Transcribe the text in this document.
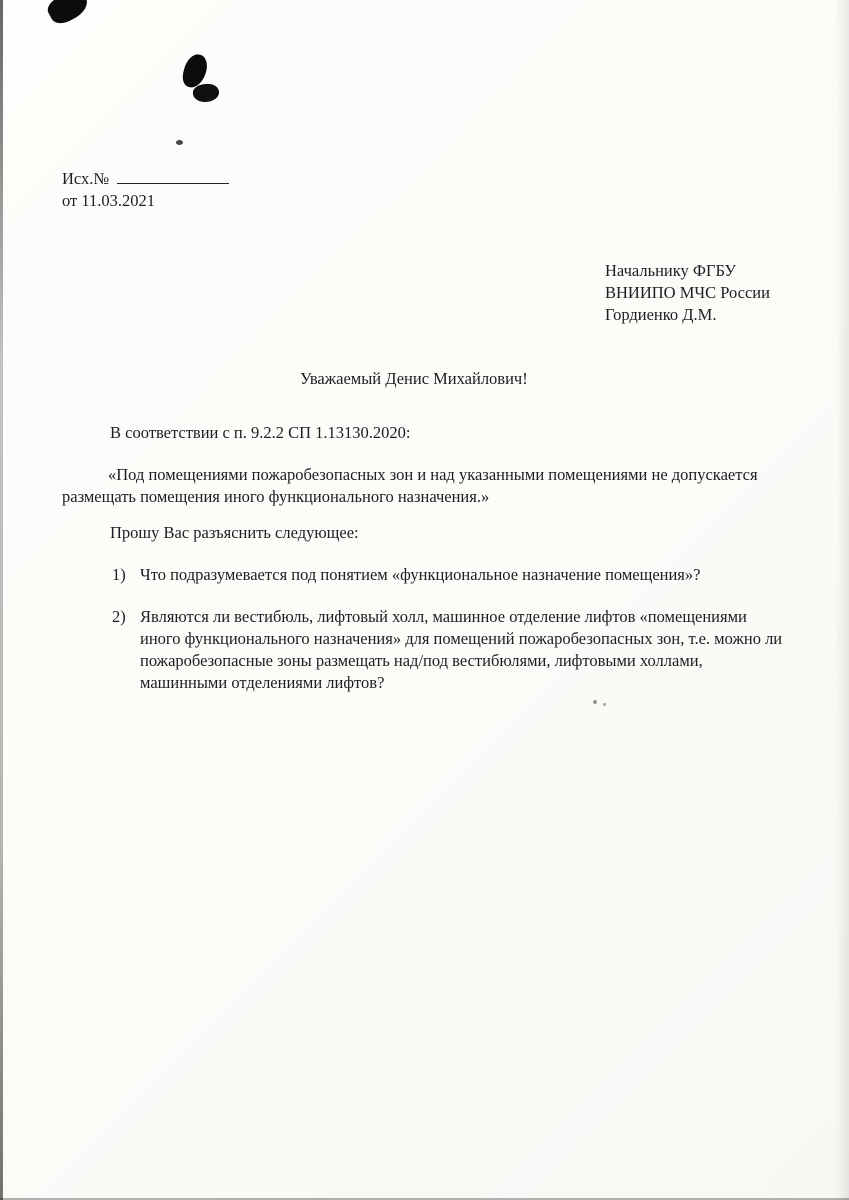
Исх.№
от 11.03.2021
Начальнику ФГБУ
ВНИИПО МЧС России
Гордиенко Д.М.
Уважаемый Денис Михайлович!

В соответствии с п. 9.2.2 СП 1.13130.2020:

«Под помещениями пожаробезопасных зон и над указанными помещениями не допускается размещать помещения иного функционального назначения.»

Прошу Вас разъяснить следующее:

1) Что подразумевается под понятием «функциональное назначение помещения»?
2) Являются ли вестибюль, лифтовый холл, машинное отделение лифтов «помещениями иного функционального назначения» для помещений пожаробезопасных зон, т.е. можно ли пожаробезопасные зоны размещать над/под вестибюлями, лифтовыми холлами, машинными отделениями лифтов?
